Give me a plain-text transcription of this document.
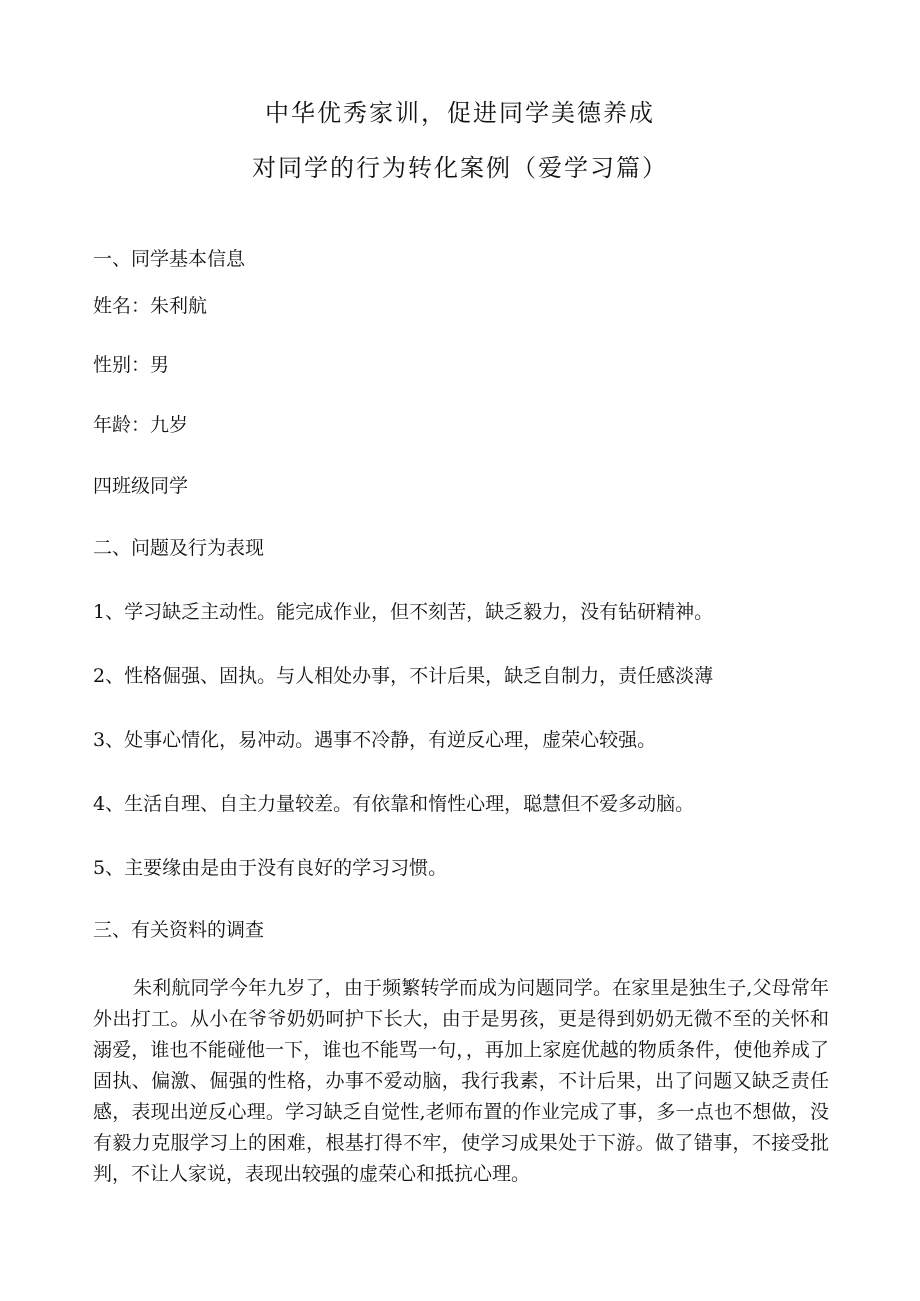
中华优秀家训，促进同学美德养成
对同学的行为转化案例（爱学习篇）
一、同学基本信息
姓名：朱利航
性别：男
年龄：九岁
四班级同学
二、问题及行为表现
1、学习缺乏主动性。能完成作业，但不刻苦，缺乏毅力，没有钻研精神。
2、性格倔强、固执。与人相处办事，不计后果，缺乏自制力，责任感淡薄
3、处事心情化，易冲动。遇事不冷静，有逆反心理，虚荣心较强。
4、生活自理、自主力量较差。有依靠和惰性心理，聪慧但不爱多动脑。
5、主要缘由是由于没有良好的学习习惯。
三、有关资料的调查
朱利航同学今年九岁了，由于频繁转学而成为问题同学。在家里是独生子,父母常年外出打工。从小在爷爷奶奶呵护下长大，由于是男孩，更是得到奶奶无微不至的关怀和溺爱，谁也不能碰他一下，谁也不能骂一句，，再加上家庭优越的物质条件，使他养成了固执、偏激、倔强的性格，办事不爱动脑，我行我素，不计后果，出了问题又缺乏责任感，表现出逆反心理。学习缺乏自觉性,老师布置的作业完成了事，多一点也不想做，没有毅力克服学习上的困难，根基打得不牢，使学习成果处于下游。做了错事，不接受批判，不让人家说，表现出较强的虚荣心和抵抗心理。
